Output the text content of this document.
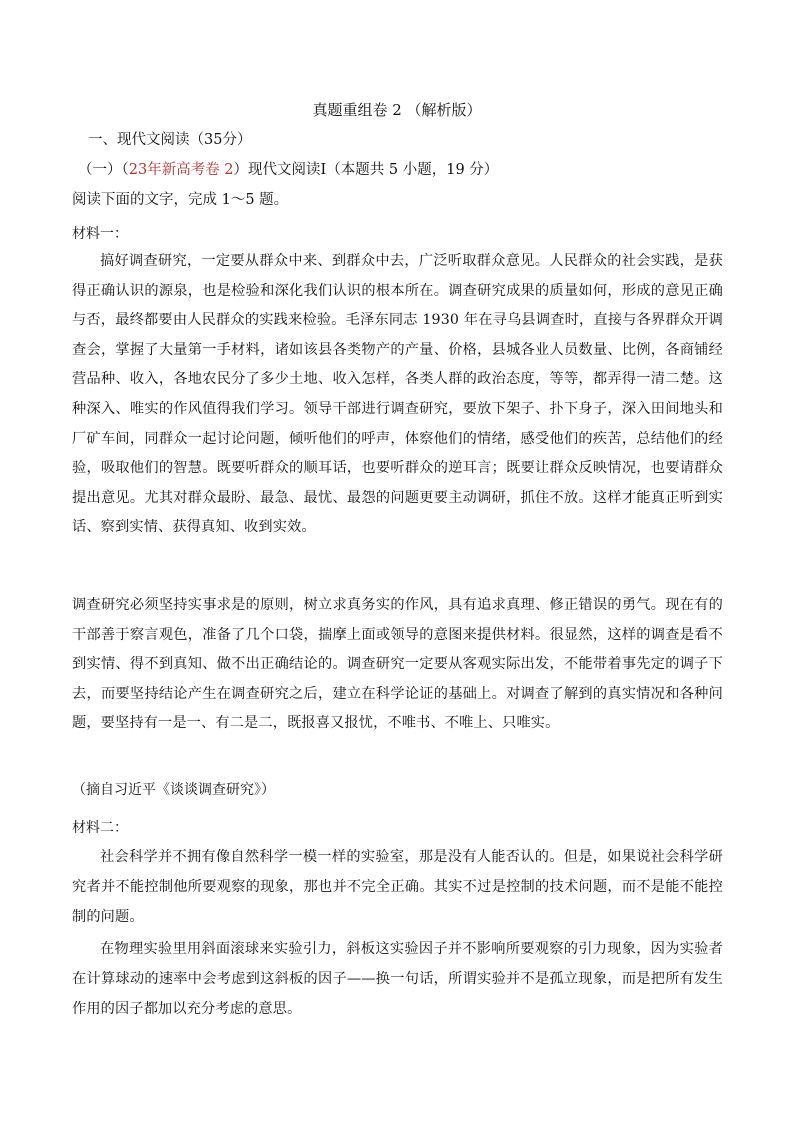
真题重组卷 2 （解析版）
一、现代文阅读（35分）
（一）（23年新高考卷 2）现代文阅读Ⅰ（本题共 5 小题，19 分）
阅读下面的文字，完成 1～5 题。
材料一：

搞好调查研究，一定要从群众中来、到群众中去，广泛听取群众意见。人民群众的社会实践，是获得正确认识的源泉，也是检验和深化我们认识的根本所在。调查研究成果的质量如何，形成的意见正确与否，最终都要由人民群众的实践来检验。毛泽东同志 1930 年在寻乌县调查时，直接与各界群众开调查会，掌握了大量第一手材料，诸如该县各类物产的产量、价格，县城各业人员数量、比例，各商铺经营品种、收入，各地农民分了多少土地、收入怎样，各类人群的政治态度，等等，都弄得一清二楚。这种深入、唯实的作风值得我们学习。领导干部进行调查研究，要放下架子、扑下身子，深入田间地头和厂矿车间，同群众一起讨论问题，倾听他们的呼声，体察他们的情绪，感受他们的疾苦，总结他们的经验，吸取他们的智慧。既要听群众的顺耳话，也要听群众的逆耳言；既要让群众反映情况，也要请群众提出意见。尤其对群众最盼、最急、最忧、最怨的问题更要主动调研，抓住不放。这样才能真正听到实话、察到实情、获得真知、收到实效。

调查研究必须坚持实事求是的原则，树立求真务实的作风，具有追求真理、修正错误的勇气。现在有的干部善于察言观色，准备了几个口袋，揣摩上面或领导的意图来提供材料。很显然，这样的调查是看不到实情、得不到真知、做不出正确结论的。调查研究一定要从客观实际出发，不能带着事先定的调子下去，而要坚持结论产生在调查研究之后，建立在科学论证的基础上。对调查了解到的真实情况和各种问题，要坚持有一是一、有二是二，既报喜又报忧，不唯书、不唯上、只唯实。

（摘自习近平《谈谈调查研究》）
材料二：

社会科学并不拥有像自然科学一模一样的实验室，那是没有人能否认的。但是，如果说社会科学研究者并不能控制他所要观察的现象，那也并不完全正确。其实不过是控制的技术问题，而不是能不能控制的问题。

在物理实验里用斜面滚球来实验引力，斜板这实验因子并不影响所要观察的引力现象，因为实验者在计算球动的速率中会考虑到这斜板的因子——换一句话，所谓实验并不是孤立现象，而是把所有发生作用的因子都加以充分考虑的意思。
